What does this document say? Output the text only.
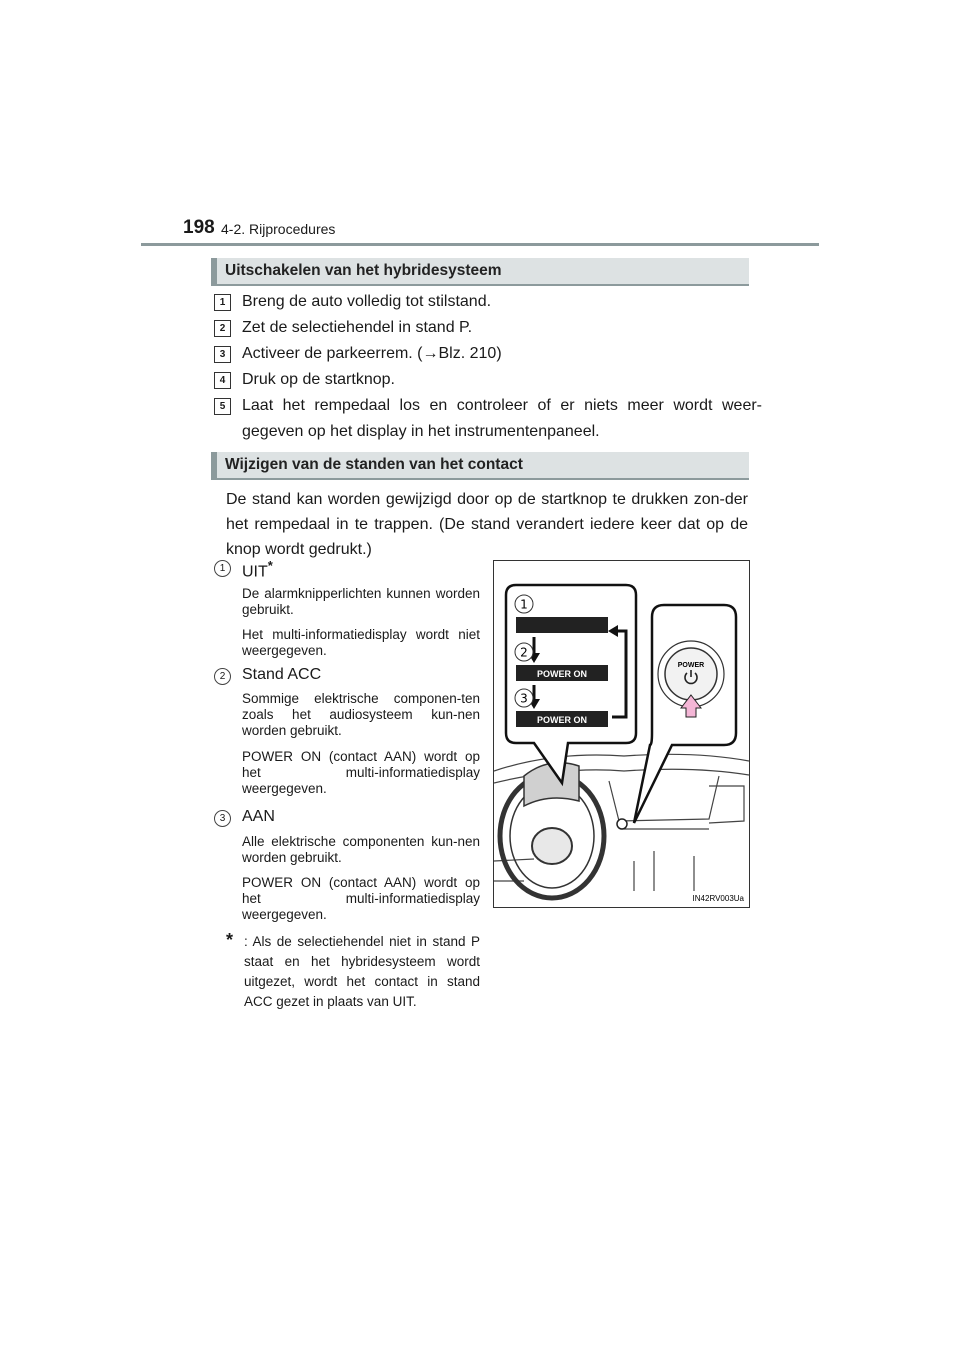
198 4-2. Rijprocedures
Uitschakelen van het hybridesysteem
1	Breng de auto volledig tot stilstand.
2	Zet de selectiehendel in stand P.
3	Activeer de parkeerrem. (→Blz. 210)
4	Druk op de startknop.
5	Laat het rempedaal los en controleer of er niets meer wordt weer-gegeven op het display in het instrumentenpaneel.
Wijzigen van de standen van het contact
De stand kan worden gewijzigd door op de startknop te drukken zon-der het rempedaal in te trappen. (De stand verandert iedere keer dat op de knop wordt gedrukt.)
1	UIT*
De alarmknipperlichten kunnen worden gebruikt.
Het multi-informatiedisplay wordt niet weergegeven.
2	Stand ACC
Sommige elektrische componen-ten zoals het audiosysteem kun-nen worden gebruikt.
POWER ON (contact AAN) wordt op het multi-informatiedisplay weergegeven.
3	AAN
Alle elektrische componenten kun-nen worden gebruikt.
POWER ON (contact AAN) wordt op het multi-informatiedisplay weergegeven.
* : Als de selectiehendel niet in stand P staat en het hybridesysteem wordt uitgezet, wordt het contact in stand ACC gezet in plaats van UIT.
1
2
3
POWER ON
POWER ON
POWER
IN42RV003Ua
